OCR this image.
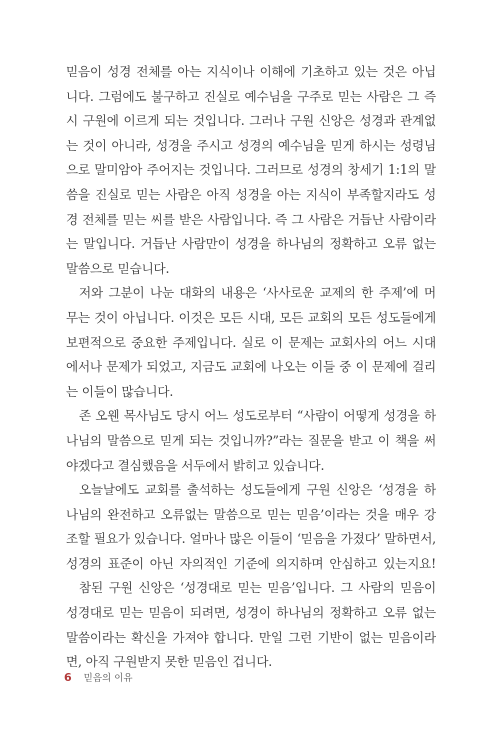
믿음이 성경 전체를 아는 지식이나 이해에 기초하고 있는 것은 아닙
니다. 그럼에도 불구하고 진실로 예수님을 구주로 믿는 사람은 그 즉
시 구원에 이르게 되는 것입니다. 그러나 구원 신앙은 성경과 관계없
는 것이 아니라, 성경을 주시고 성경의 예수님을 믿게 하시는 성령님
으로 말미암아 주어지는 것입니다. 그러므로 성경의 창세기 1:1의 말
씀을 진실로 믿는 사람은 아직 성경을 아는 지식이 부족할지라도 성
경 전체를 믿는 씨를 받은 사람입니다. 즉 그 사람은 거듭난 사람이라
는 말입니다. 거듭난 사람만이 성경을 하나님의 정확하고 오류 없는
말씀으로 믿습니다.

저와 그분이 나눈 대화의 내용은 ‘사사로운 교제의 한 주제’에 머
무는 것이 아닙니다. 이것은 모든 시대, 모든 교회의 모든 성도들에게
보편적으로 중요한 주제입니다. 실로 이 문제는 교회사의 어느 시대
에서나 문제가 되었고, 지금도 교회에 나오는 이들 중 이 문제에 걸리
는 이들이 많습니다.

존 오웬 목사님도 당시 어느 성도로부터 “사람이 어떻게 성경을 하
나님의 말씀으로 믿게 되는 것입니까?”라는 질문을 받고 이 책을 써
야겠다고 결심했음을 서두에서 밝히고 있습니다.

오늘날에도 교회를 출석하는 성도들에게 구원 신앙은 ‘성경을 하
나님의 완전하고 오류없는 말씀으로 믿는 믿음’이라는 것을 매우 강
조할 필요가 있습니다. 얼마나 많은 이들이 ‘믿음을 가졌다’ 말하면서,
성경의 표준이 아닌 자의적인 기준에 의지하며 안심하고 있는지요!

참된 구원 신앙은 ‘성경대로 믿는 믿음’입니다. 그 사람의 믿음이
성경대로 믿는 믿음이 되려면, 성경이 하나님의 정확하고 오류 없는
말씀이라는 확신을 가져야 합니다. 만일 그런 기반이 없는 믿음이라
면, 아직 구원받지 못한 믿음인 겁니다.

6 믿음의 이유
